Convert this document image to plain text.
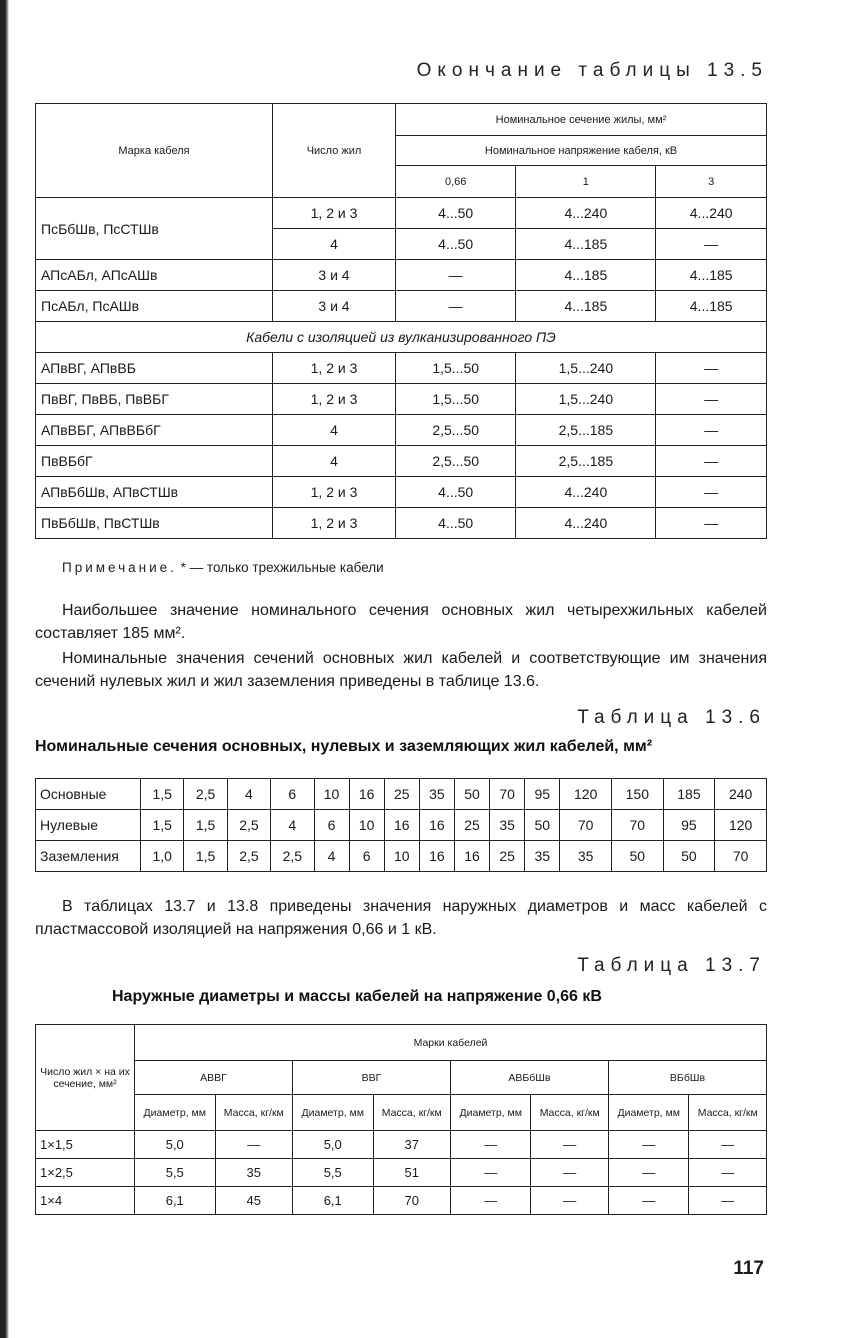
Окончание таблицы 13.5
Марка кабеля	Число жил	Номинальное сечение жилы, мм²		
		Номинальное напряжение кабеля, кВ		
		0,66	1	3
ПсБбШв, ПсСТШв	1, 2 и 3	4...50	4...240	4...240
	4	4...50	4...185	—
АПсАБл, АПсАШв	3 и 4	—	4...185	4...185
ПсАБл, ПсАШв	3 и 4	—	4...185	4...185
Кабели с изоляцией из вулканизированного ПЭ				
АПвВГ, АПвВБ	1, 2 и 3	1,5...50	1,5...240	—
ПвВГ, ПвВБ, ПвВБГ	1, 2 и 3	1,5...50	1,5...240	—
АПвВБГ, АПвВБбГ	4	2,5...50	2,5...185	—
ПвВБбГ	4	2,5...50	2,5...185	—
АПвБбШв, АПвСТШв	1, 2 и 3	4...50	4...240	—
ПвБбШв, ПвСТШв	1, 2 и 3	4...50	4...240	—
Примечание. * — только трехжильные кабели
Наибольшее значение номинального сечения основных жил четырехжильных кабелей составляет 185 мм².
Номинальные значения сечений основных жил кабелей и соответствующие им значения сечений нулевых жил и жил заземления приведены в таблице 13.6.
Таблица 13.6
Номинальные сечения основных, нулевых и заземляющих жил кабелей, мм²
Основные	1,5	2,5	4	6	10	16	25	35	50	70	95	120	150	185	240
Нулевые	1,5	1,5	2,5	4	6	10	16	16	25	35	50	70	70	95	120
Заземления	1,0	1,5	2,5	2,5	4	6	10	16	16	25	35	35	50	50	70
В таблицах 13.7 и 13.8 приведены значения наружных диаметров и масс кабелей с пластмассовой изоляцией на напряжения 0,66 и 1 кВ.
Таблица 13.7
Наружные диаметры и массы кабелей на напряжение 0,66 кВ
Число жил × на их сечение, мм²	Марки кабелей							
	АВВГ		ВВГ		АВБбШв		ВБбШв	
	Диаметр, мм	Масса, кг/км	Диаметр, мм	Масса, кг/км	Диаметр, мм	Масса, кг/км	Диаметр, мм	Масса, кг/км
1×1,5	5,0	—	5,0	37	—	—	—	—
1×2,5	5,5	35	5,5	51	—	—	—	—
1×4	6,1	45	6,1	70	—	—	—	—
117
